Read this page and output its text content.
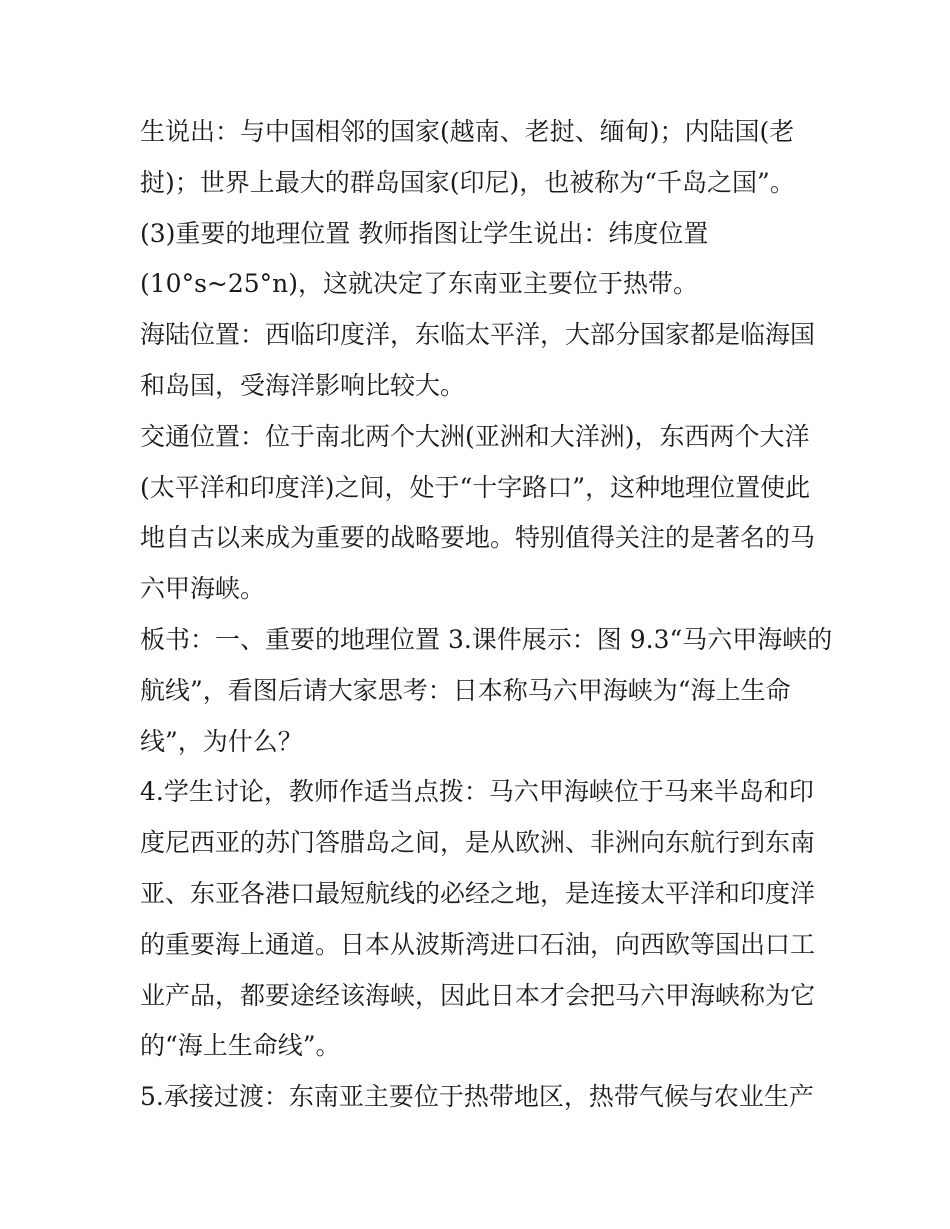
生说出：与中国相邻的国家(越南、老挝、缅甸)；内陆国(老
挝)；世界上最大的群岛国家(印尼)，也被称为“千岛之国”。
(3)重要的地理位置 教师指图让学生说出：纬度位置
(10°s~25°n)，这就决定了东南亚主要位于热带。
海陆位置：西临印度洋，东临太平洋，大部分国家都是临海国
和岛国，受海洋影响比较大。
交通位置：位于南北两个大洲(亚洲和大洋洲)，东西两个大洋
(太平洋和印度洋)之间，处于“十字路口”，这种地理位置使此
地自古以来成为重要的战略要地。特别值得关注的是著名的马
六甲海峡。
板书：一、重要的地理位置 3.课件展示：图 9.3“马六甲海峡的
航线”，看图后请大家思考：日本称马六甲海峡为“海上生命
线”，为什么？
4.学生讨论，教师作适当点拨：马六甲海峡位于马来半岛和印
度尼西亚的苏门答腊岛之间，是从欧洲、非洲向东航行到东南
亚、东亚各港口最短航线的必经之地，是连接太平洋和印度洋
的重要海上通道。日本从波斯湾进口石油，向西欧等国出口工
业产品，都要途经该海峡，因此日本才会把马六甲海峡称为它
的“海上生命线”。
5.承接过渡：东南亚主要位于热带地区，热带气候与农业生产
